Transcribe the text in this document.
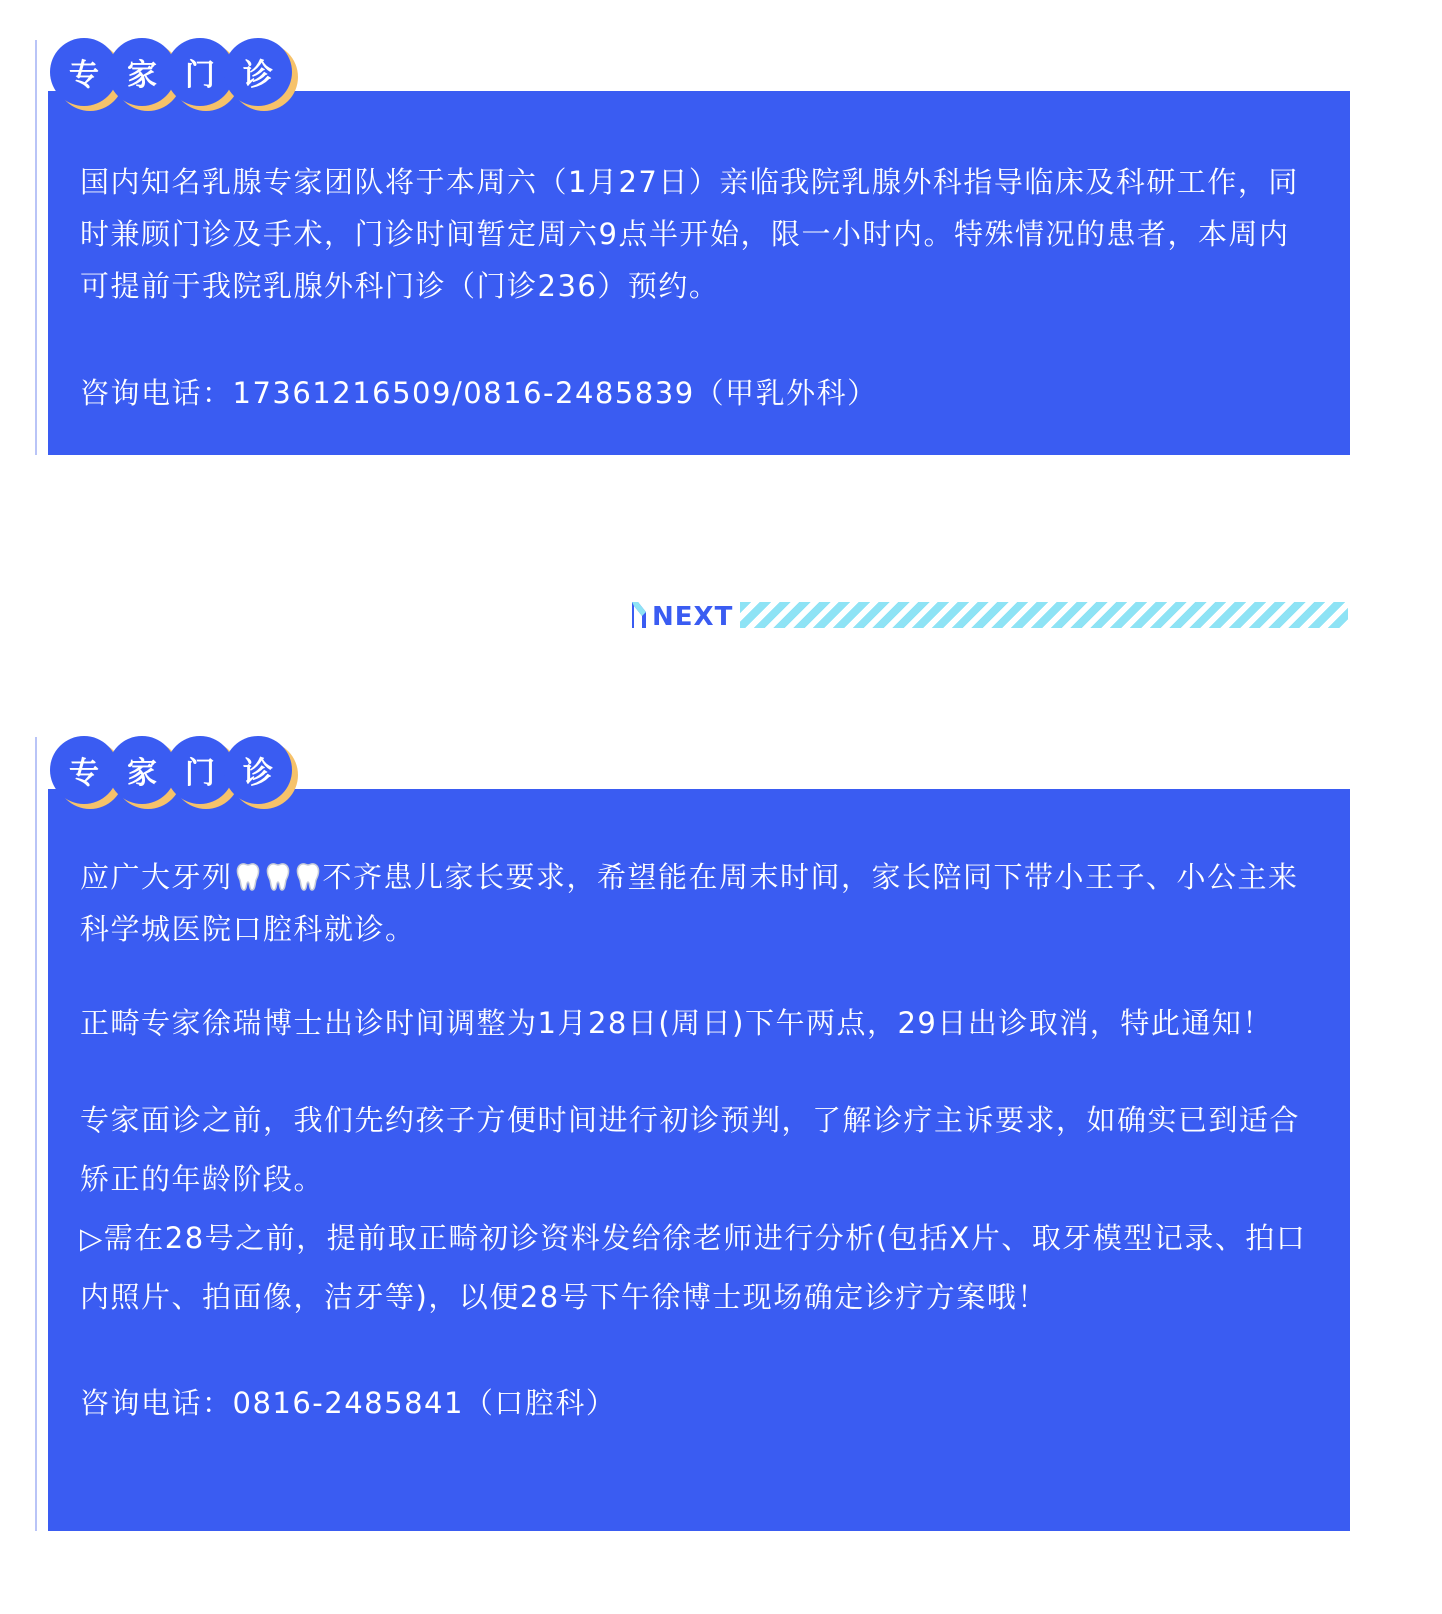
国内知名乳腺专家团队将于本周六（1月27日）亲临我院乳腺外科指导临床及科研工作，同时兼顾门诊及手术，门诊时间暂定周六9点半开始，限一小时内。特殊情况的患者，本周内可提前于我院乳腺外科门诊（门诊236）预约。

咨询电话：17361216509/0816-2485839（甲乳外科）

专 家 门 诊
NEXT

应广大牙列	不齐患儿家长要求，希望能在周末时间，家长陪同下带小王子、小公主来科学城医院口腔科就诊。

正畸专家徐瑞博士出诊时间调整为1月28日(周日)下午两点，29日出诊取消，特此通知！

专家面诊之前，我们先约孩子方便时间进行初诊预判，了解诊疗主诉要求，如确实已到适合矫正的年龄阶段。

▷需在28号之前，提前取正畸初诊资料发给徐老师进行分析(包括X片、取牙模型记录、拍口内照片、拍面像，洁牙等)，以便28号下午徐博士现场确定诊疗方案哦！

咨询电话：0816-2485841（口腔科）

专 家 门 诊
